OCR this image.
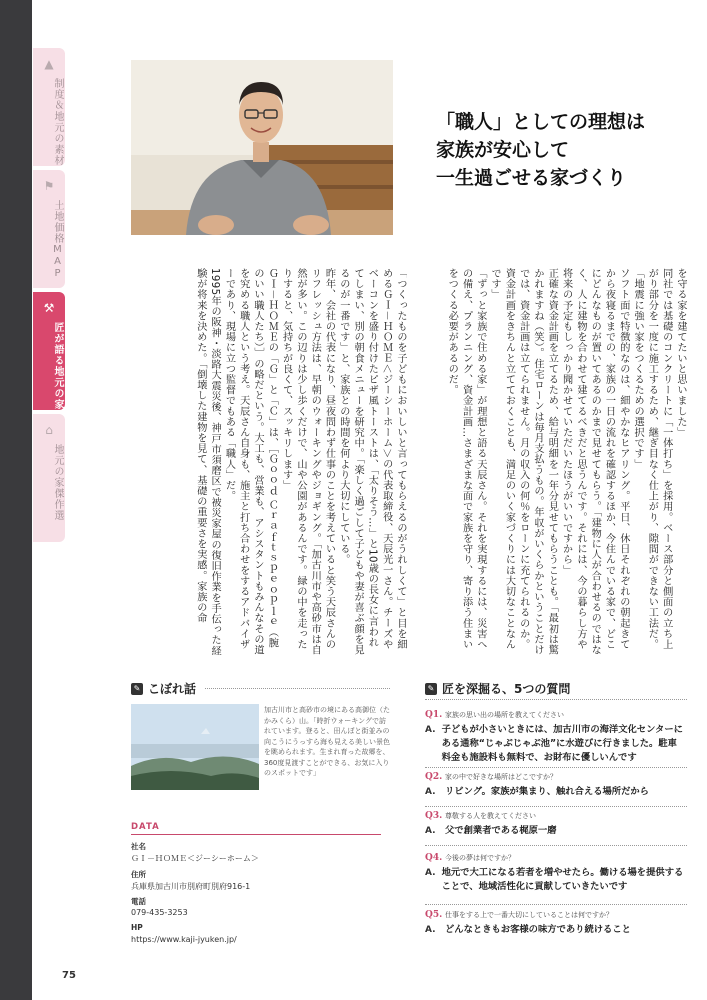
▲
制度＆地元の素材
⚑
土地価格MAP
⚒
匠が語る地元の家
⌂
地元の家傑作選
「職人」としての理想は
家族が安心して
一生過ごせる家づくり

「つくったものを子どもにおいしいと言ってもらえるのがうれしくて」と目を細めるＧＩ－ＨＯＭＥ＜ジーシーホーム＞の代表取締役、天辰光一さん。チーズやベーコンを盛り付けたピザ風トーストは、「太りそう…」と10歳の長女に言われてしまい、別の朝食メニューを研究中。「楽しく過ごして子どもや妻が喜ぶ顔を見るのが一番です」と、家族との時間を何より大切にしている。

昨年、会社の代表になり、昼夜問わず仕事のことを考えていると笑う天辰さんのリフレッシュ方法は、早朝のウォーキングやジョギング。「加古川市や高砂市は自然が多い。この辺りは少し歩くだけで、山や公園があるんです。緑の中を走ったりすると、気持ちが良くて、スッキリします」

ＧＩ－ＨＯＭＥの「Ｇ」と「Ｃ」は、［Ｇｏｏｄ Ｃｒａｆｔｓｐｅｏｐｌｅ（腕のいい職人たち）］の略だという。大工も、営業も、アシスタントもみんなその道を究める職人という考え。天辰さん自身も、施主と打ち合わせをするアドバイザーであり、現場に立つ監督でもある「職人」だ。

1995年の阪神・淡路大震災後、神戸市須磨区で被災家屋の復旧作業を手伝った経験が将来を決めた。「倒壊した建物を見て、基礎の重要さを実感。家族の命	を守る家を建てたいと思いました」

同社では基礎のコンクリートに「一体打ち」を採用。ベース部分と側面の立ち上がり部分を一度に施工するため、継ぎ目なく仕上がり、隙間ができない工法だ。「地震に強い家をつくるための選択です」

ソフト面で特徴的なのは、細やかなヒアリング。平日、休日それぞれの朝起きてから夜寝るまでの、家族の一日の流れを確認するほか、今住んでいる家で、どこにどんなものが置いてあるのかまで見せてもらう。「建物に人が合わせるのではなく、人に建物を合わせて建てるべきだと思うんです。それには、今の暮らし方や将来の予定もしっかり聞かせていただいたほうがいいですから」

正確な資金計画を立てるため、給与明細を一年分見せてもらうことも。「最初は驚かれますね（笑）。住宅ローンは毎月支払うもの。年収がいくらかということだけでは、資金計画は立てられません。月の収入の何％をローンに充てられるのか。資金計画をきちんと立てておくことも、満足のいく家づくりには大切なことなんです」

「ずっと家族で住める家」が理想と語る天辰さん。それを実現するには、災害への備え、プランニング、資金計画…さまざまな面で家族を守り、寄り添う住まいをつくる必要があるのだ。

✎ こぼれ話
加古川市と高砂市の境にある高御位（たかみくら）山。「時折ウォーキングで訪れています。登ると、田んぼと街並みの向こうにうっすら海も見える美しい景色を眺められます。生まれ育った故郷を、360度見渡すことができる、お気に入りのスポットです」
DATA
社名
ＧＩ－ＨＯＭＥ＜ジーシーホーム＞
住所
兵庫県加古川市別府町別府916-1
電話
079-435-3253
HP
https://www.kaji-jyuken.jp/
✎ 匠を深掘る、5つの質問
Q1. 家族の思い出の場所を教えてください
A. 子どもが小さいときには、加古川市の海洋文化センターにある通称“じゃぶじゃぶ池”に水遊びに行きました。駐車料金も施設料も無料で、お財布に優しいんです
Q2. 家の中で好きな場所はどこですか？
A.	リビング。家族が集まり、触れ合える場所だから
Q3. 尊敬する人を教えてください
A.	父で創業者である梶原一磨
Q4. 今後の夢は何ですか？
A. 地元で大工になる若者を増やせたら。働ける場を提供することで、地域活性化に貢献していきたいです
Q5. 仕事をする上で一番大切にしていることは何ですか？
A.	どんなときもお客様の味方であり続けること
75
